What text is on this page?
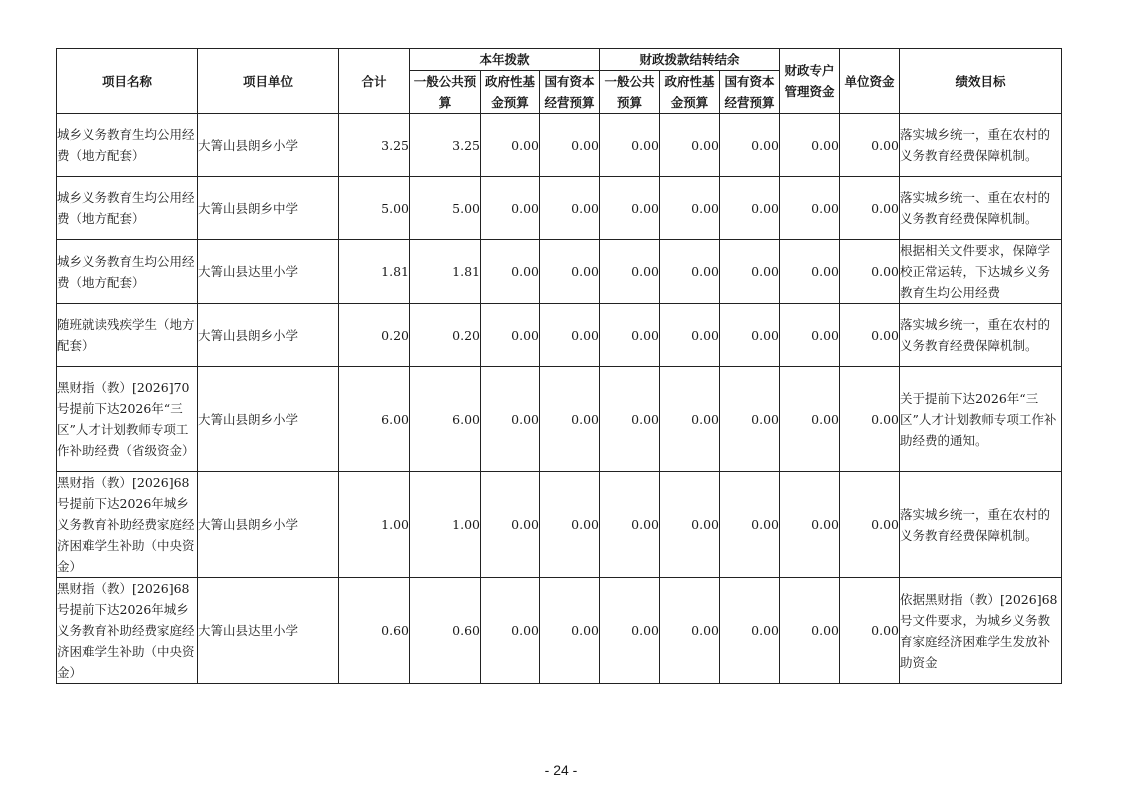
项目名称	项目单位	合计	本年拨款			财政拨款结转结余			财政专户管理资金	单位资金	绩效目标
			一般公共预算	政府性基金预算	国有资本经营预算	一般公共预算	政府性基金预算	国有资本经营预算			

城乡义务教育生均公用经费（地方配套）	大箐山县朗乡小学	3.25	3.25	0.00	0.00	0.00	0.00	0.00	0.00	0.00	落实城乡统一，重在农村的义务教育经费保障机制。
城乡义务教育生均公用经费（地方配套）	大箐山县朗乡中学	5.00	5.00	0.00	0.00	0.00	0.00	0.00	0.00	0.00	落实城乡统一、重在农村的义务教育经费保障机制。
城乡义务教育生均公用经费（地方配套）	大箐山县达里小学	1.81	1.81	0.00	0.00	0.00	0.00	0.00	0.00	0.00	根据相关文件要求，保障学校正常运转，下达城乡义务教育生均公用经费
随班就读残疾学生（地方配套）	大箐山县朗乡小学	0.20	0.20	0.00	0.00	0.00	0.00	0.00	0.00	0.00	落实城乡统一，重在农村的义务教育经费保障机制。
黑财指（教）[2026]70号提前下达2026年“三区”人才计划教师专项工作补助经费（省级资金）	大箐山县朗乡小学	6.00	6.00	0.00	0.00	0.00	0.00	0.00	0.00	0.00	关于提前下达2026年“三区”人才计划教师专项工作补助经费的通知。
黑财指（教）[2026]68号提前下达2026年城乡义务教育补助经费家庭经济困难学生补助（中央资金）	大箐山县朗乡小学	1.00	1.00	0.00	0.00	0.00	0.00	0.00	0.00	0.00	落实城乡统一，重在农村的义务教育经费保障机制。
黑财指（教）[2026]68号提前下达2026年城乡义务教育补助经费家庭经济困难学生补助（中央资金）	大箐山县达里小学	0.60	0.60	0.00	0.00	0.00	0.00	0.00	0.00	0.00	依据黑财指（教）[2026]68号文件要求，为城乡义务教育家庭经济困难学生发放补助资金
- 24 -
